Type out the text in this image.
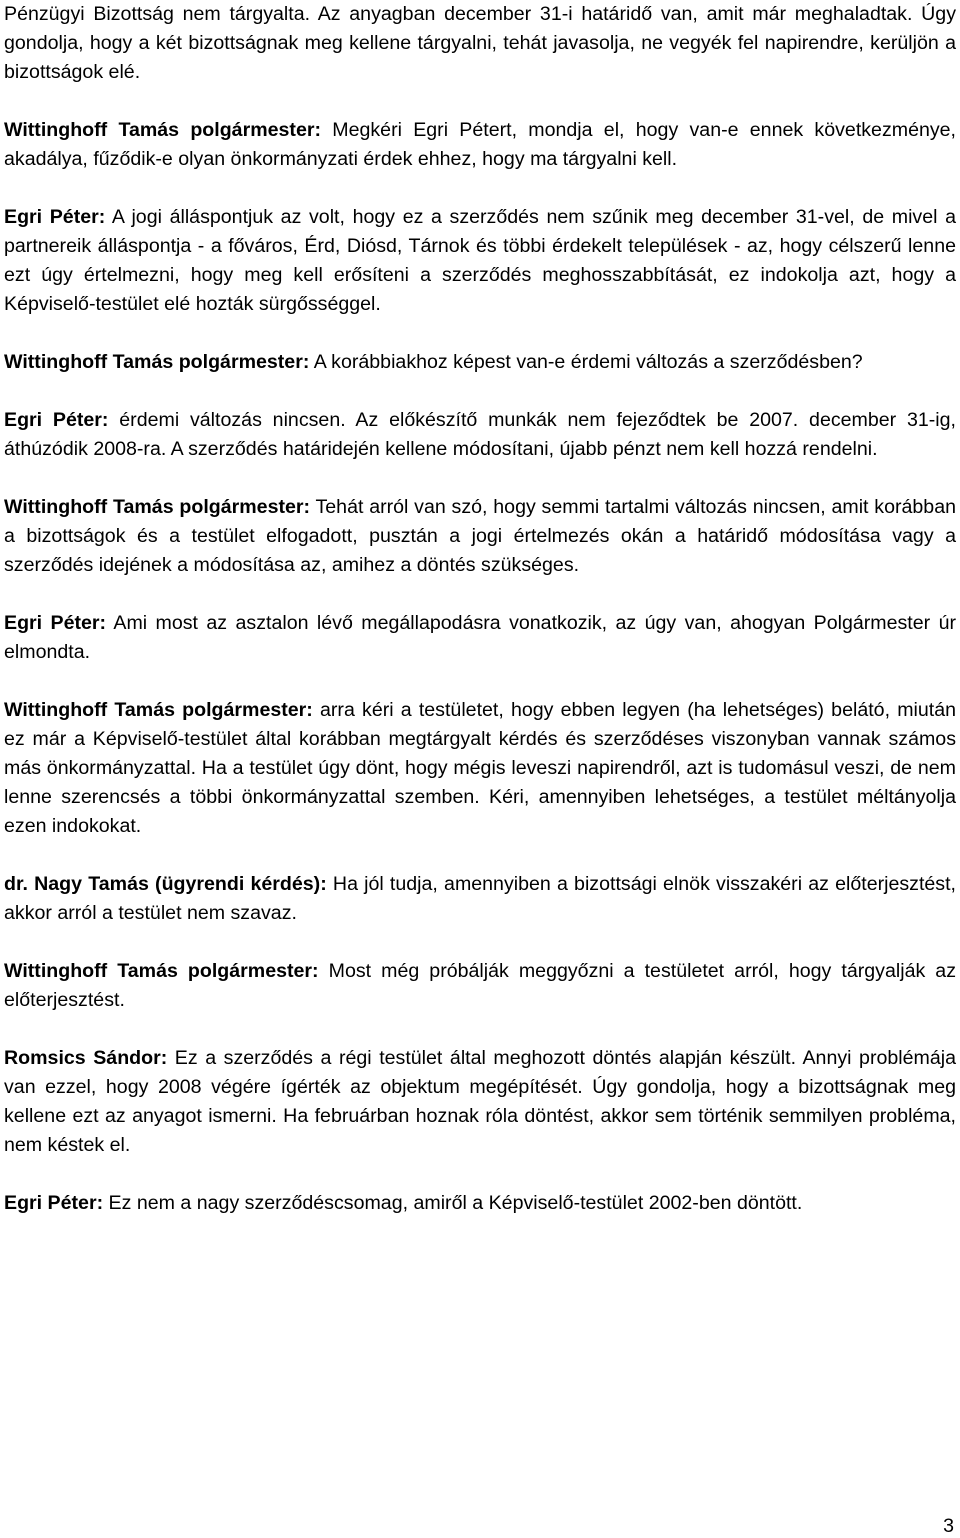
Pénzügyi Bizottság nem tárgyalta. Az anyagban december 31-i határidő van, amit már meghaladtak. Úgy gondolja, hogy a két bizottságnak meg kellene tárgyalni, tehát javasolja, ne vegyék fel napirendre, kerüljön a bizottságok elé.

Wittinghoff Tamás polgármester: Megkéri Egri Pétert, mondja el, hogy van-e ennek következménye, akadálya, fűződik-e olyan önkormányzati érdek ehhez, hogy ma tárgyalni kell.

Egri Péter: A jogi álláspontjuk az volt, hogy ez a szerződés nem szűnik meg december 31-vel, de mivel a partnereik álláspontja - a főváros, Érd, Diósd, Tárnok és többi érdekelt települések - az, hogy célszerű lenne ezt úgy értelmezni, hogy meg kell erősíteni a szerződés meghosszabbítását, ez indokolja azt, hogy a Képviselő-testület elé hozták sürgősséggel.

Wittinghoff Tamás polgármester: A korábbiakhoz képest van-e érdemi változás a szerződésben?

Egri Péter: érdemi változás nincsen. Az előkészítő munkák nem fejeződtek be 2007. december 31-ig, áthúzódik 2008-ra. A szerződés határidején kellene módosítani, újabb pénzt nem kell hozzá rendelni.

Wittinghoff Tamás polgármester: Tehát arról van szó, hogy semmi tartalmi változás nincsen, amit korábban a bizottságok és a testület elfogadott, pusztán a jogi értelmezés okán a határidő módosítása vagy a szerződés idejének a módosítása az, amihez a döntés szükséges.

Egri Péter: Ami most az asztalon lévő megállapodásra vonatkozik, az úgy van, ahogyan Polgármester úr elmondta.

Wittinghoff Tamás polgármester: arra kéri a testületet, hogy ebben legyen (ha lehetséges) belátó, miután ez már a Képviselő-testület által korábban megtárgyalt kérdés és szerződéses viszonyban vannak számos más önkormányzattal. Ha a testület úgy dönt, hogy mégis leveszi napirendről, azt is tudomásul veszi, de nem lenne szerencsés a többi önkormányzattal szemben. Kéri, amennyiben lehetséges, a testület méltányolja ezen indokokat.

dr. Nagy Tamás (ügyrendi kérdés): Ha jól tudja, amennyiben a bizottsági elnök visszakéri az előterjesztést, akkor arról a testület nem szavaz.

Wittinghoff Tamás polgármester: Most még próbálják meggyőzni a testületet arról, hogy tárgyalják az előterjesztést.

Romsics Sándor: Ez a szerződés a régi testület által meghozott döntés alapján készült. Annyi problémája van ezzel, hogy 2008 végére ígérték az objektum megépítését. Úgy gondolja, hogy a bizottságnak meg kellene ezt az anyagot ismerni. Ha februárban hoznak róla döntést, akkor sem történik semmilyen probléma, nem késtek el.

Egri Péter: Ez nem a nagy szerződéscsomag, amiről a Képviselő-testület 2002-ben döntött.

3
